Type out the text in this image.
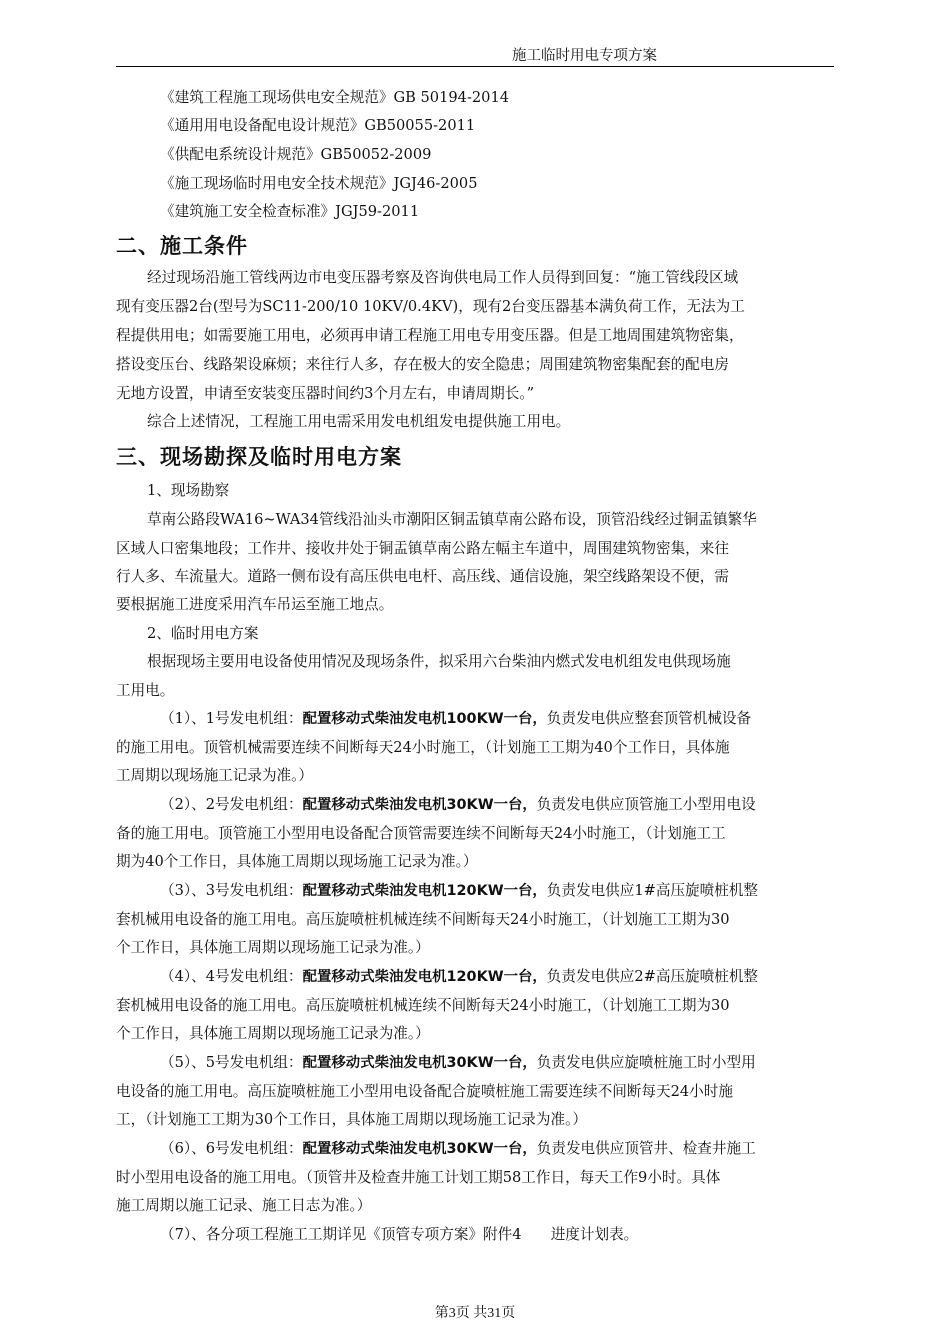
施工临时用电专项方案
《建筑工程施工现场供电安全规范》GB 50194-2014
《通用用电设备配电设计规范》GB50055-2011
《供配电系统设计规范》GB50052-2009
《施工现场临时用电安全技术规范》JGJ46-2005
《建筑施工安全检查标准》JGJ59-2011
二、施工条件
经过现场沿施工管线两边市电变压器考察及咨询供电局工作人员得到回复：“施工管线段区域
现有变压器2台(型号为SC11-200/10 10KV/0.4KV)，现有2台变压器基本满负荷工作，无法为工
程提供用电；如需要施工用电，必须再申请工程施工用电专用变压器。但是工地周围建筑物密集，
搭设变压台、线路架设麻烦；来往行人多，存在极大的安全隐患；周围建筑物密集配套的配电房
无地方设置，申请至安装变压器时间约3个月左右，申请周期长。”
综合上述情况，工程施工用电需采用发电机组发电提供施工用电。
三、现场勘探及临时用电方案
1、现场勘察
草南公路段WA16~WA34管线沿汕头市潮阳区铜盂镇草南公路布设，顶管沿线经过铜盂镇繁华
区域人口密集地段；工作井、接收井处于铜盂镇草南公路左幅主车道中，周围建筑物密集，来往
行人多、车流量大。道路一侧布设有高压供电电杆、高压线、通信设施，架空线路架设不便，需
要根据施工进度采用汽车吊运至施工地点。
2、临时用电方案
根据现场主要用电设备使用情况及现场条件，拟采用六台柴油内燃式发电机组发电供现场施
工用电。
（1）、1号发电机组：配置移动式柴油发电机100KW一台，负责发电供应整套顶管机械设备
的施工用电。顶管机械需要连续不间断每天24小时施工，（计划施工工期为40个工作日，具体施
工周期以现场施工记录为准。）
（2）、2号发电机组：配置移动式柴油发电机30KW一台，负责发电供应顶管施工小型用电设
备的施工用电。顶管施工小型用电设备配合顶管需要连续不间断每天24小时施工，（计划施工工
期为40个工作日，具体施工周期以现场施工记录为准。）
（3）、3号发电机组：配置移动式柴油发电机120KW一台，负责发电供应1#高压旋喷桩机整
套机械用电设备的施工用电。高压旋喷桩机械连续不间断每天24小时施工，（计划施工工期为30
个工作日，具体施工周期以现场施工记录为准。）
（4）、4号发电机组：配置移动式柴油发电机120KW一台，负责发电供应2#高压旋喷桩机整
套机械用电设备的施工用电。高压旋喷桩机械连续不间断每天24小时施工，（计划施工工期为30
个工作日，具体施工周期以现场施工记录为准。）
（5）、5号发电机组：配置移动式柴油发电机30KW一台，负责发电供应旋喷桩施工时小型用
电设备的施工用电。高压旋喷桩施工小型用电设备配合旋喷桩施工需要连续不间断每天24小时施
工，（计划施工工期为30个工作日，具体施工周期以现场施工记录为准。）
（6）、6号发电机组：配置移动式柴油发电机30KW一台，负责发电供应顶管井、检查井施工
时小型用电设备的施工用电。（顶管井及检查井施工计划工期58工作日，每天工作9小时。具体
施工周期以施工记录、施工日志为准。）
（7）、各分项工程施工工期详见《顶管专项方案》附件4　　进度计划表。
第3页 共31页
